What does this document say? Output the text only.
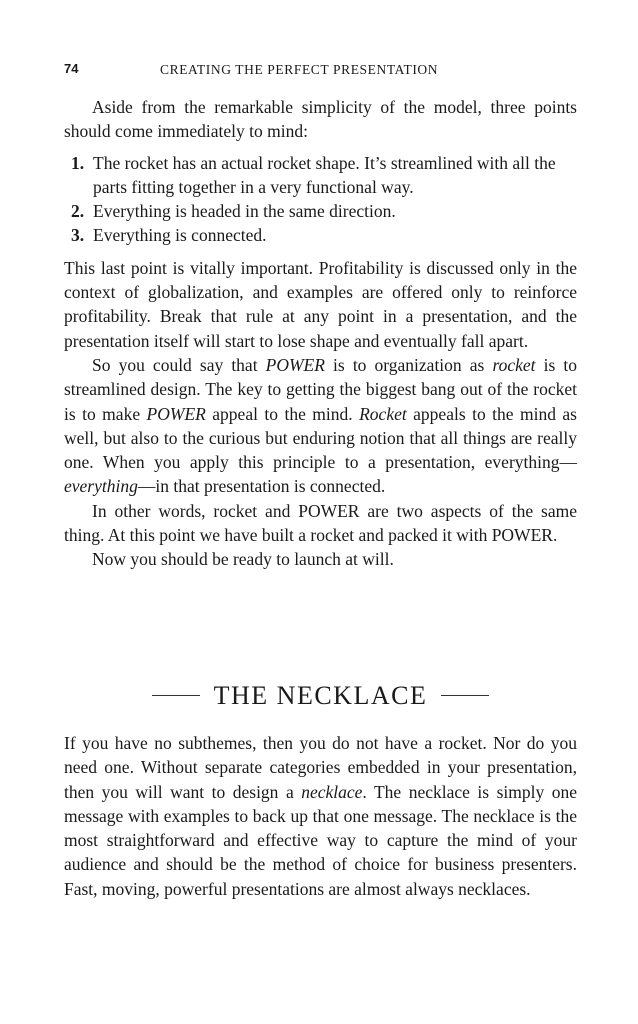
74	CREATING THE PERFECT PRESENTATION

Aside from the remarkable simplicity of the model, three points should come immediately to mind:

1. The rocket has an actual rocket shape. It’s streamlined with all the parts fitting together in a very functional way.
2. Everything is headed in the same direction.
3. Everything is connected.

This last point is vitally important. Profitability is discussed only in the context of globalization, and examples are offered only to reinforce profitability. Break that rule at any point in a presentation, and the presentation itself will start to lose shape and eventually fall apart.

So you could say that POWER is to organization as rocket is to streamlined design. The key to getting the biggest bang out of the rocket is to make POWER appeal to the mind. Rocket appeals to the mind as well, but also to the curious but enduring notion that all things are really one. When you apply this principle to a presentation, everything—everything—in that presentation is connected.

In other words, rocket and POWER are two aspects of the same thing. At this point we have built a rocket and packed it with POWER.

Now you should be ready to launch at will.

THE NECKLACE

If you have no subthemes, then you do not have a rocket. Nor do you need one. Without separate categories embedded in your presentation, then you will want to design a necklace. The necklace is simply one message with examples to back up that one message. The necklace is the most straightforward and effective way to capture the mind of your audience and should be the method of choice for business presenters. Fast, moving, powerful presentations are almost always necklaces.
